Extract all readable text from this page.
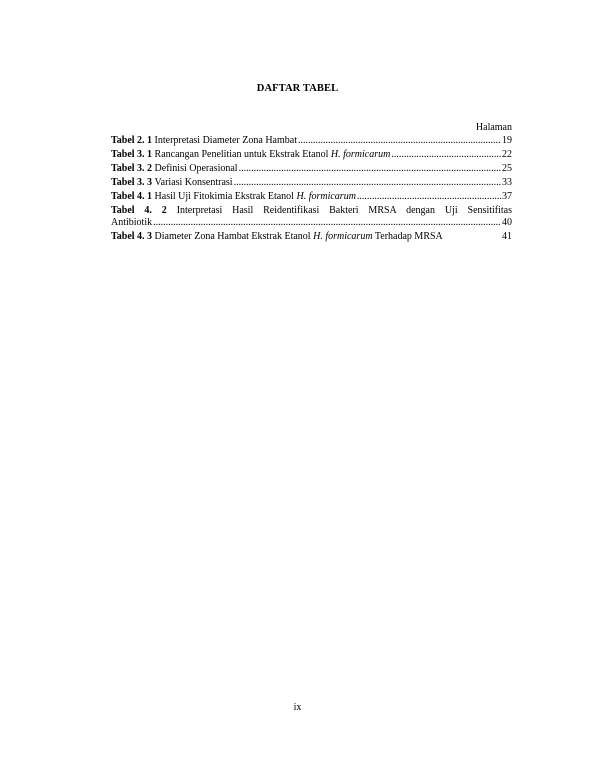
DAFTAR TABEL
Halaman
Tabel 2. 1
Interpretasi Diameter Zona Hambat .....	19
Tabel 3. 1
Rancangan Penelitian untuk Ekstrak Etanol
H. formicarum .....	22
Tabel 3. 2
Definisi Operasional .....	25
Tabel 3. 3
Variasi Konsentrasi .....	33
Tabel 4. 1
Hasil Uji Fitokimia Ekstrak Etanol
H. formicarum .....	37
Tabel 4. 2 Interpretasi Hasil Reidentifikasi Bakteri MRSA dengan Uji Sensitifitas
Antibiotik .....	40
Tabel 4. 3 Diameter Zona Hambat Ekstrak Etanol H. formicarum Terhadap MRSA	41
ix
